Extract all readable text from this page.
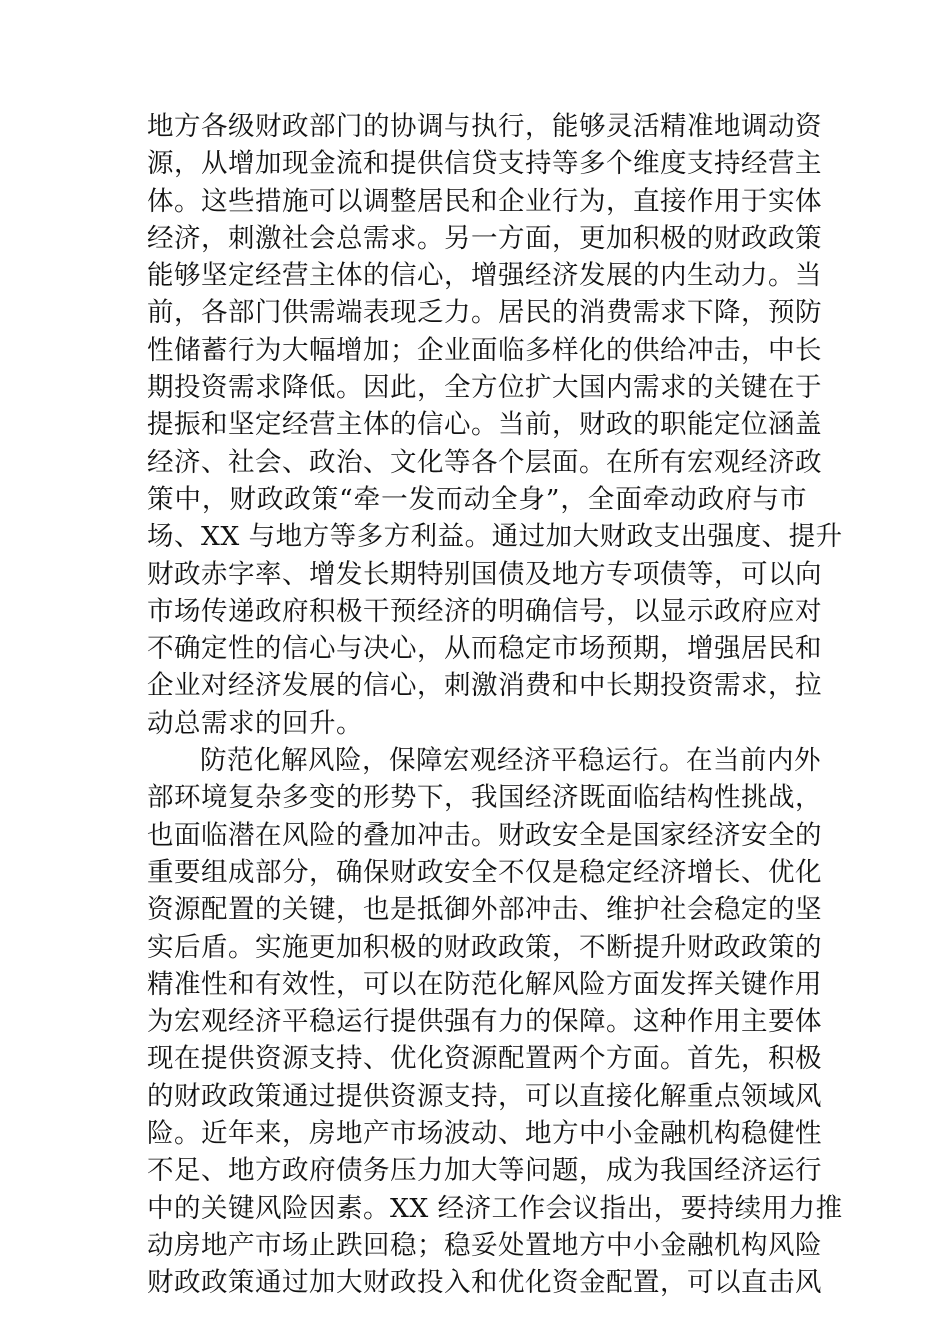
地方各级财政部门的协调与执行，能够灵活精准地调动资
源，从增加现金流和提供信贷支持等多个维度支持经营主
体。这些措施可以调整居民和企业行为，直接作用于实体
经济，刺激社会总需求。另一方面，更加积极的财政政策
能够坚定经营主体的信心，增强经济发展的内生动力。当
前，各部门供需端表现乏力。居民的消费需求下降，预防
性储蓄行为大幅增加；企业面临多样化的供给冲击，中长
期投资需求降低。因此，全方位扩大国内需求的关键在于
提振和坚定经营主体的信心。当前，财政的职能定位涵盖
经济、社会、政治、文化等各个层面。在所有宏观经济政
策中，财政政策“牵一发而动全身”，全面牵动政府与市
场、XX 与地方等多方利益。通过加大财政支出强度、提升
财政赤字率、增发长期特别国债及地方专项债等，可以向
市场传递政府积极干预经济的明确信号，以显示政府应对
不确定性的信心与决心，从而稳定市场预期，增强居民和
企业对经济发展的信心，刺激消费和中长期投资需求，拉
动总需求的回升。
防范化解风险，保障宏观经济平稳运行。在当前内外
部环境复杂多变的形势下，我国经济既面临结构性挑战，
也面临潜在风险的叠加冲击。财政安全是国家经济安全的
重要组成部分，确保财政安全不仅是稳定经济增长、优化
资源配置的关键，也是抵御外部冲击、维护社会稳定的坚
实后盾。实施更加积极的财政政策，不断提升财政政策的
精准性和有效性，可以在防范化解风险方面发挥关键作用
为宏观经济平稳运行提供强有力的保障。这种作用主要体
现在提供资源支持、优化资源配置两个方面。首先，积极
的财政政策通过提供资源支持，可以直接化解重点领域风
险。近年来，房地产市场波动、地方中小金融机构稳健性
不足、地方政府债务压力加大等问题，成为我国经济运行
中的关键风险因素。XX 经济工作会议指出，要持续用力推
动房地产市场止跌回稳；稳妥处置地方中小金融机构风险
财政政策通过加大财政投入和优化资金配置，可以直击风
